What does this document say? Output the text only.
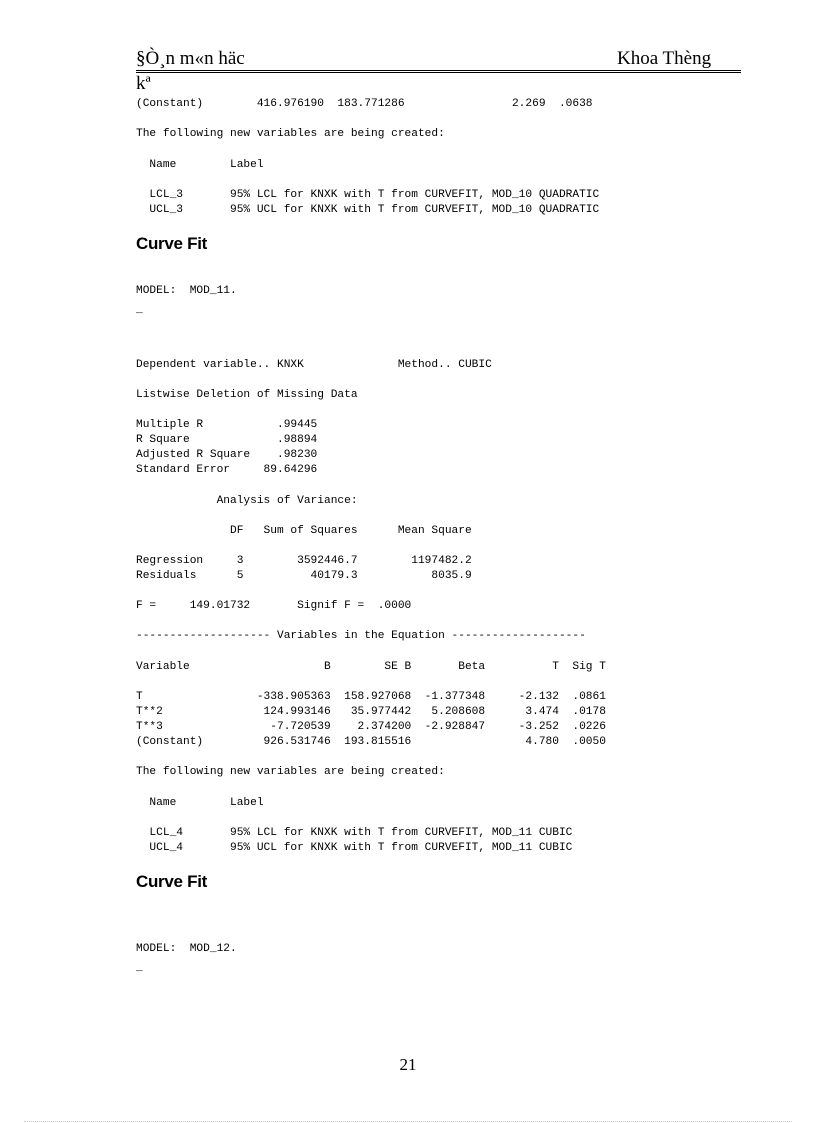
§Ò¸n m«n häc	Khoa Thèng
kª
(Constant)        416.976190  183.771286                2.269  .0638
The following new variables are being created:
Name        Label
LCL_3       95% LCL for KNXK with T from CURVEFIT, MOD_10 QUADRATIC
UCL_3       95% UCL for KNXK with T from CURVEFIT, MOD_10 QUADRATIC
Curve Fit
MODEL:  MOD_11.
_
Dependent variable.. KNXK              Method.. CUBIC
Listwise Deletion of Missing Data
Multiple R           .99445
R Square             .98894
Adjusted R Square    .98230
Standard Error     89.64296
Analysis of Variance:
DF   Sum of Squares      Mean Square
Regression     3        3592446.7        1197482.2
Residuals      5          40179.3           8035.9
F =     149.01732       Signif F =  .0000
-------------------- Variables in the Equation --------------------
Variable                    B        SE B       Beta          T  Sig T
T                 -338.905363  158.927068  -1.377348     -2.132  .0861
T**2               124.993146   35.977442   5.208608      3.474  .0178
T**3                -7.720539    2.374200  -2.928847     -3.252  .0226
(Constant)         926.531746  193.815516                 4.780  .0050
The following new variables are being created:
Name        Label
LCL_4       95% LCL for KNXK with T from CURVEFIT, MOD_11 CUBIC
UCL_4       95% UCL for KNXK with T from CURVEFIT, MOD_11 CUBIC
Curve Fit
MODEL:  MOD_12.
_
21
